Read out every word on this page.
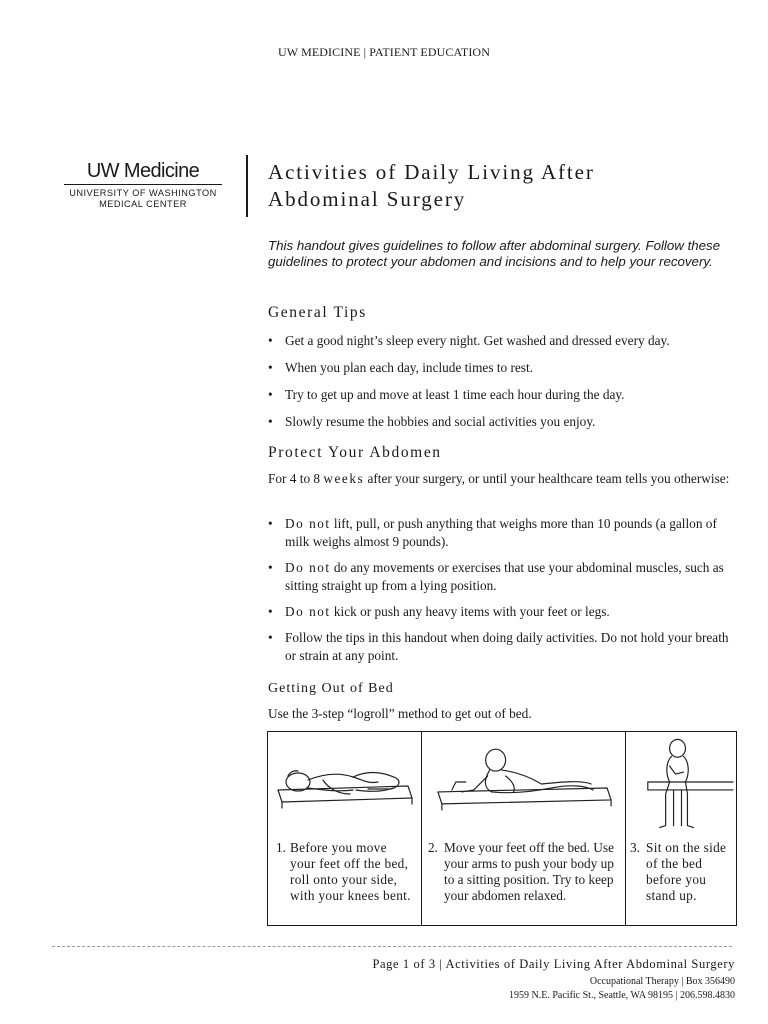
UW MEDICINE | PATIENT EDUCATION
UW Medicine
UNIVERSITY OF WASHINGTON
MEDICAL CENTER
Activities of Daily Living After
Abdominal Surgery
This handout gives guidelines to follow after abdominal surgery. Follow these guidelines to protect your abdomen and incisions and to help your recovery.
General Tips
• Get a good night’s sleep every night. Get washed and dressed every day.
• When you plan each day, include times to rest.
• Try to get up and move at least 1 time each hour during the day.
• Slowly resume the hobbies and social activities you enjoy.
Protect Your Abdomen
For 4 to 8 weeks after your surgery, or until your healthcare team tells you otherwise:
• Do not lift, pull, or push anything that weighs more than 10 pounds (a gallon of milk weighs almost 9 pounds).
• Do not do any movements or exercises that use your abdominal muscles, such as sitting straight up from a lying position.
• Do not kick or push any heavy items with your feet or legs.
• Follow the tips in this handout when doing daily activities. Do not hold your breath or strain at any point.
Getting Out of Bed
Use the 3-step “logroll” method to get out of bed.
1. Before you move your feet off the bed, roll onto your side, with your knees bent.
2. Move your feet off the bed. Use your arms to push your body up to a sitting position. Try to keep your abdomen relaxed.
3. Sit on the side of the bed before you stand up.
Page 1 of 3 | Activities of Daily Living After Abdominal Surgery
Occupational Therapy | Box 356490
1959 N.E. Pacific St., Seattle, WA 98195 | 206.598.4830
